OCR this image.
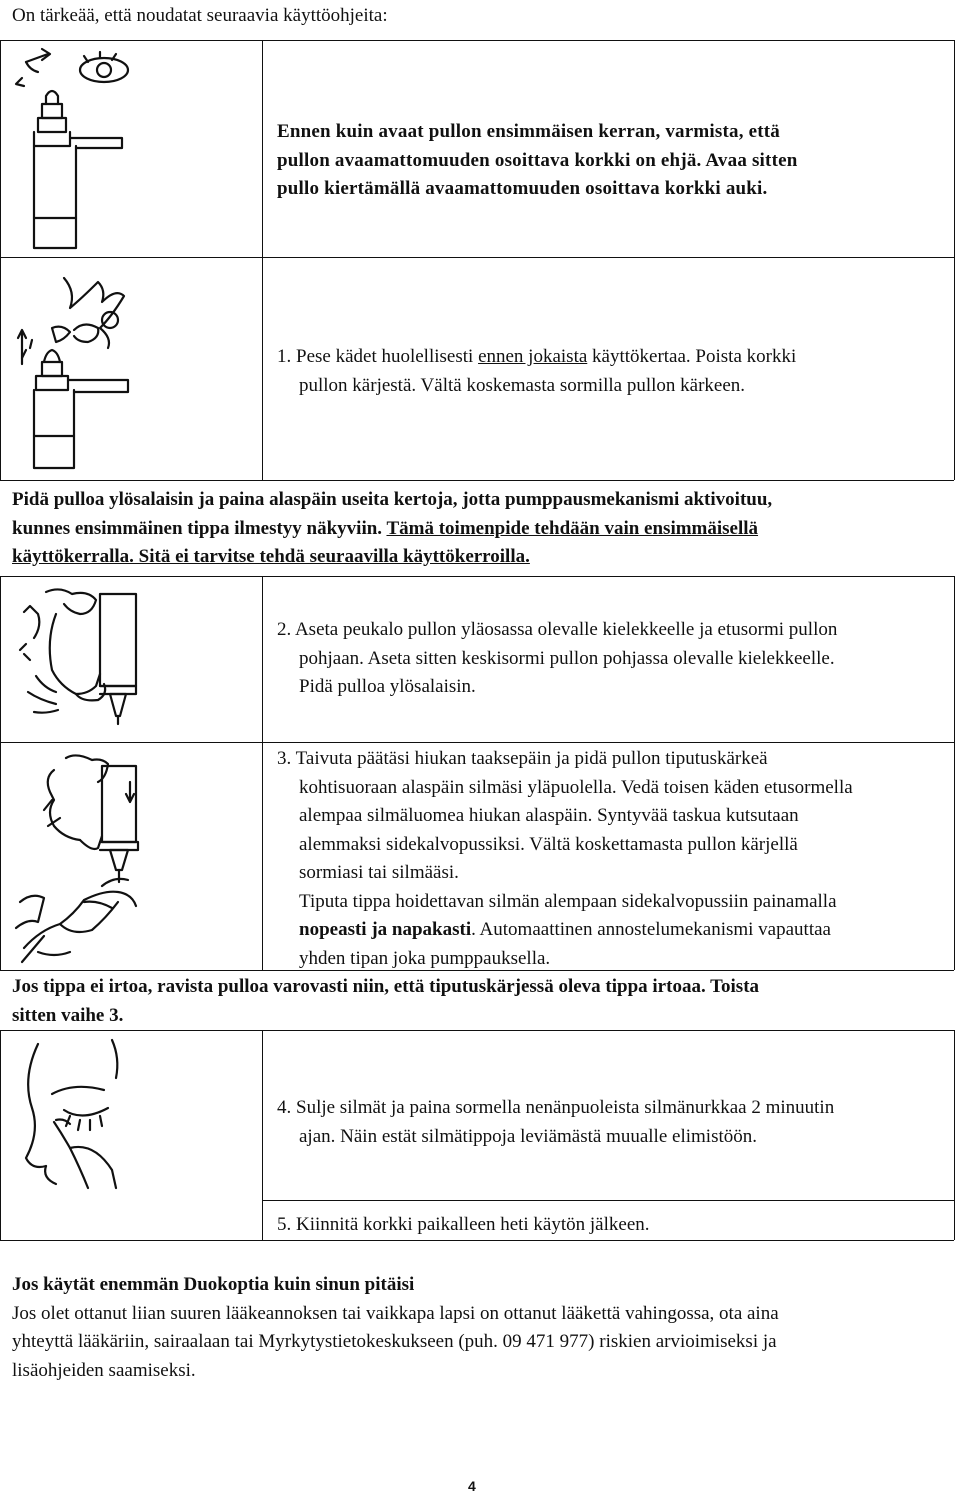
On tärkeää, että noudatat seuraavia käyttöohjeita:
Ennen kuin avaat pullon ensimmäisen kerran, varmista, että
pullon avaamattomuuden osoittava korkki on ehjä. Avaa sitten
pullo kiertämällä avaamattomuuden osoittava korkki auki.
1. Pese kädet huolellisesti ennen jokaista käyttökertaa. Poista korkki
pullon kärjestä. Vältä koskemasta sormilla pullon kärkeen.
Pidä pulloa ylösalaisin ja paina alaspäin useita kertoja, jotta pumppausmekanismi aktivoituu,
kunnes ensimmäinen tippa ilmestyy näkyviin. Tämä toimenpide tehdään vain ensimmäisellä
käyttökerralla. Sitä ei tarvitse tehdä seuraavilla käyttökerroilla.
2. Aseta peukalo pullon yläosassa olevalle kielekkeelle ja etusormi pullon
pohjaan. Aseta sitten keskisormi pullon pohjassa olevalle kielekkeelle.
Pidä pulloa ylösalaisin.
3. Taivuta päätäsi hiukan taaksepäin ja pidä pullon tiputuskärkeä
kohtisuoraan alaspäin silmäsi yläpuolella. Vedä toisen käden etusormella
alempaa silmäluomea hiukan alaspäin. Syntyvää taskua kutsutaan
alemmaksi sidekalvopussiksi. Vältä koskettamasta pullon kärjellä
sormiasi tai silmääsi.
Tiputa tippa hoidettavan silmän alempaan sidekalvopussiin painamalla
nopeasti ja napakasti. Automaattinen annostelumekanismi vapauttaa
yhden tipan joka pumppauksella.
Jos tippa ei irtoa, ravista pulloa varovasti niin, että tiputuskärjessä oleva tippa irtoaa. Toista
sitten vaihe 3.
4. Sulje silmät ja paina sormella nenänpuoleista silmänurkkaa 2 minuutin
ajan. Näin estät silmätippoja leviämästä muualle elimistöön.
5. Kiinnitä korkki paikalleen heti käytön jälkeen.
Jos käytät enemmän Duokoptia kuin sinun pitäisi
Jos olet ottanut liian suuren lääkeannoksen tai vaikkapa lapsi on ottanut lääkettä vahingossa, ota aina
yhteyttä lääkäriin, sairaalaan tai Myrkytystietokeskukseen (puh. 09 471 977) riskien arvioimiseksi ja
lisäohjeiden saamiseksi.
4
